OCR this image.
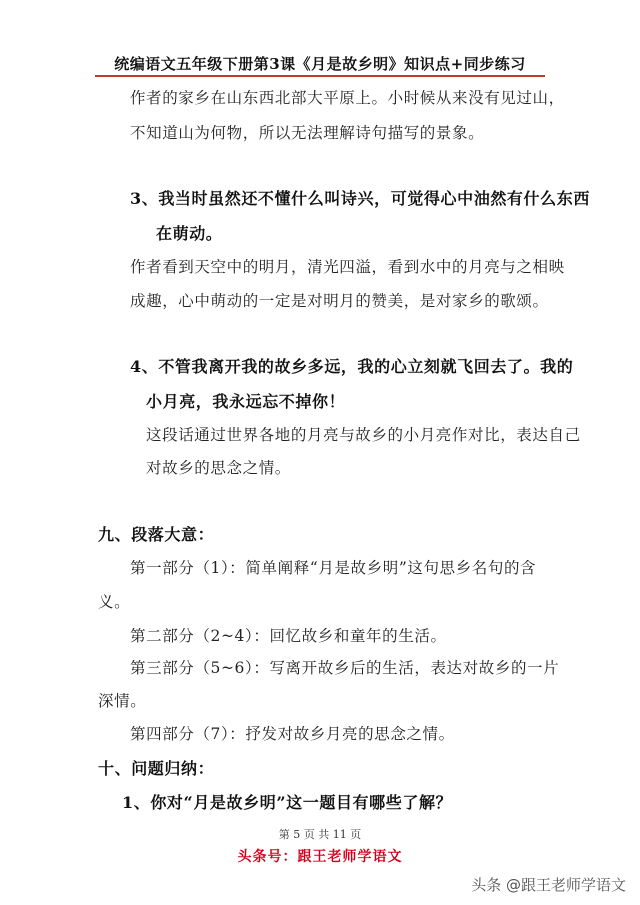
统编语文五年级下册第3课《月是故乡明》知识点+同步练习
作者的家乡在山东西北部大平原上。小时候从来没有见过山，
不知道山为何物，所以无法理解诗句描写的景象。
3、我当时虽然还不懂什么叫诗兴，可觉得心中油然有什么东西
在萌动。
作者看到天空中的明月，清光四溢，看到水中的月亮与之相映
成趣，心中萌动的一定是对明月的赞美，是对家乡的歌颂。
4、不管我离开我的故乡多远，我的心立刻就飞回去了。我的
小月亮，我永远忘不掉你！
这段话通过世界各地的月亮与故乡的小月亮作对比，表达自己
对故乡的思念之情。
九、段落大意：
第一部分（1）：简单阐释“月是故乡明”这句思乡名句的含
义。
第二部分（2~4）：回忆故乡和童年的生活。
第三部分（5~6）：写离开故乡后的生活，表达对故乡的一片
深情。
第四部分（7）：抒发对故乡月亮的思念之情。
十、问题归纳：
1、你对“月是故乡明”这一题目有哪些了解？
第 5 页 共 11 页
头条号：跟王老师学语文
头条 @跟王老师学语文
